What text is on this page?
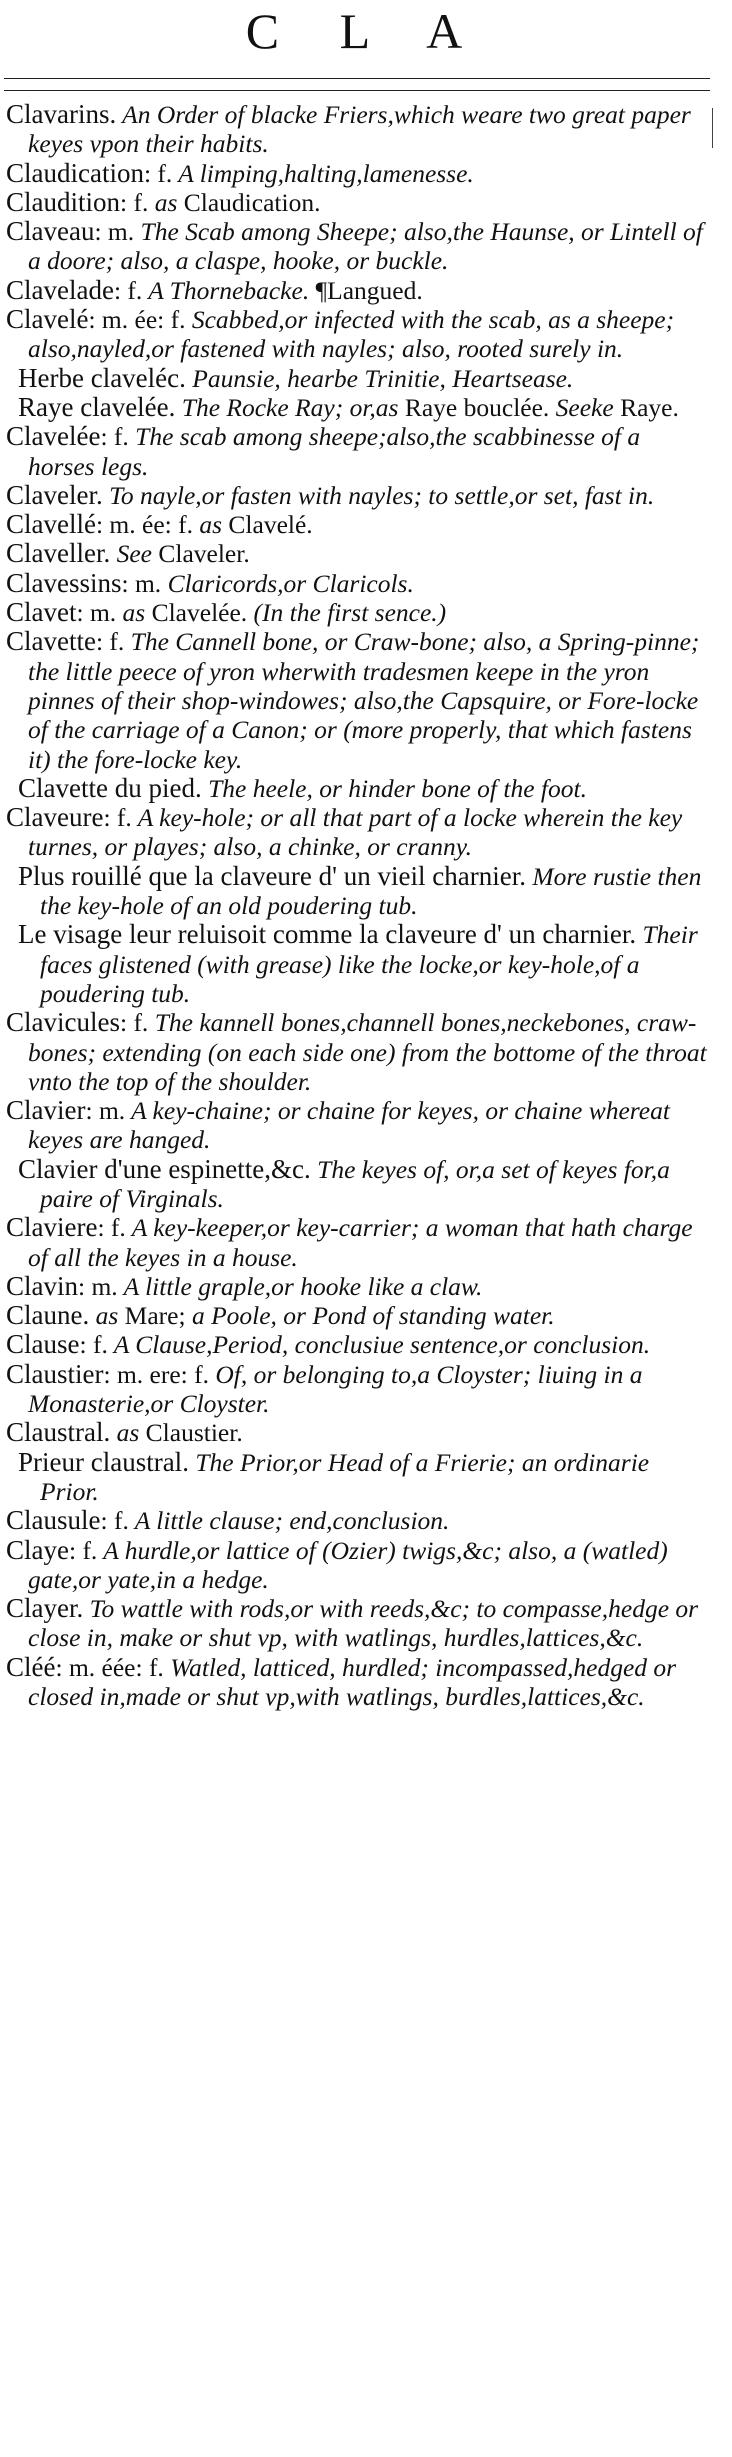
C L A

Clavarins. An Order of blacke Friers,which weare two great paper keyes vpon their habits.

Claudication: f. A limping,halting,lamenesse.

Claudition: f. as Claudication.

Claveau: m. The Scab among Sheepe; also,the Haunse, or Lintell of a doore; also, a claspe, hooke, or buckle.

Clavelade: f. A Thornebacke. ¶Langued.

Clavelé: m. ée: f. Scabbed,or infected with the scab, as a sheepe; also,nayled,or fastened with nayles; also, rooted surely in.

Herbe claveléc. Paunsie, hearbe Trinitie, Heartsease.

Raye clavelée. The Rocke Ray; or,as Raye bouclée. Seeke Raye.

Clavelée: f. The scab among sheepe;also,the scabbinesse of a horses legs.

Claveler. To nayle,or fasten with nayles; to settle,or set, fast in.

Clavellé: m. ée: f. as Clavelé.

Claveller. See Claveler.

Clavessins: m. Claricords,or Claricols.

Clavet: m. as Clavelée. (In the first sence.)

Clavette: f. The Cannell bone, or Craw-bone; also, a Spring-pinne; the little peece of yron wherwith tradesmen keepe in the yron pinnes of their shop-windowes; also,the Capsquire, or Fore-locke of the carriage of a Canon; or (more properly, that which fastens it) the fore-locke key.

Clavette du pied. The heele, or hinder bone of the foot.

Claveure: f. A key-hole; or all that part of a locke wherein the key turnes, or playes; also, a chinke, or cranny.

Plus rouillé que la claveure d' un vieil charnier. More rustie then the key-hole of an old poudering tub.

Le visage leur reluisoit comme la claveure d' un charnier. Their faces glistened (with grease) like the locke,or key-hole,of a poudering tub.

Clavicules: f. The kannell bones,channell bones,neckebones, craw-bones; extending (on each side one) from the bottome of the throat vnto the top of the shoulder.

Clavier: m. A key-chaine; or chaine for keyes, or chaine whereat keyes are hanged.

Clavier d'une espinette,&c. The keyes of, or,a set of keyes for,a paire of Virginals.

Claviere: f. A key-keeper,or key-carrier; a woman that hath charge of all the keyes in a house.

Clavin: m. A little graple,or hooke like a claw.

Claune. as Mare; a Poole, or Pond of standing water.

Clause: f. A Clause,Period, conclusiue sentence,or conclusion.

Claustier: m. ere: f. Of, or belonging to,a Cloyster; liuing in a Monasterie,or Cloyster.

Claustral. as Claustier.

Prieur claustral. The Prior,or Head of a Frierie; an ordinarie Prior.

Clausule: f. A little clause; end,conclusion.

Claye: f. A hurdle,or lattice of (Ozier) twigs,&c; also, a (watled) gate,or yate,in a hedge.

Clayer. To wattle with rods,or with reeds,&c; to compasse,hedge or close in, make or shut vp, with watlings, hurdles,lattices,&c.

Cléé: m. éée: f. Watled, latticed, hurdled; incompassed,hedged or closed in,made or shut vp,with watlings, burdles,lattices,&c.
